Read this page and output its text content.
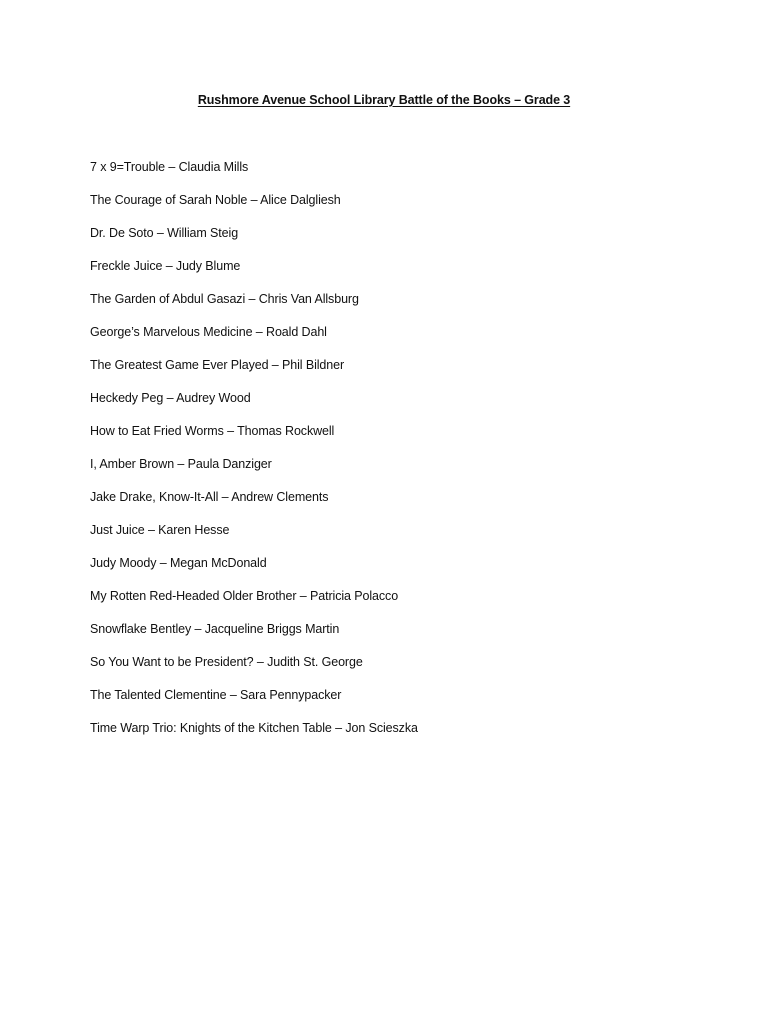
Rushmore Avenue School Library Battle of the Books – Grade 3
7 x 9=Trouble – Claudia Mills
The Courage of Sarah Noble – Alice Dalgliesh
Dr. De Soto – William Steig
Freckle Juice – Judy Blume
The Garden of Abdul Gasazi – Chris Van Allsburg
George’s Marvelous Medicine – Roald Dahl
The Greatest Game Ever Played – Phil Bildner
Heckedy Peg – Audrey Wood
How to Eat Fried Worms – Thomas Rockwell
I, Amber Brown – Paula Danziger
Jake Drake, Know-It-All – Andrew Clements
Just Juice – Karen Hesse
Judy Moody – Megan McDonald
My Rotten Red-Headed Older Brother – Patricia Polacco
Snowflake Bentley – Jacqueline Briggs Martin
So You Want to be President? – Judith St. George
The Talented Clementine – Sara Pennypacker
Time Warp Trio: Knights of the Kitchen Table – Jon Scieszka
